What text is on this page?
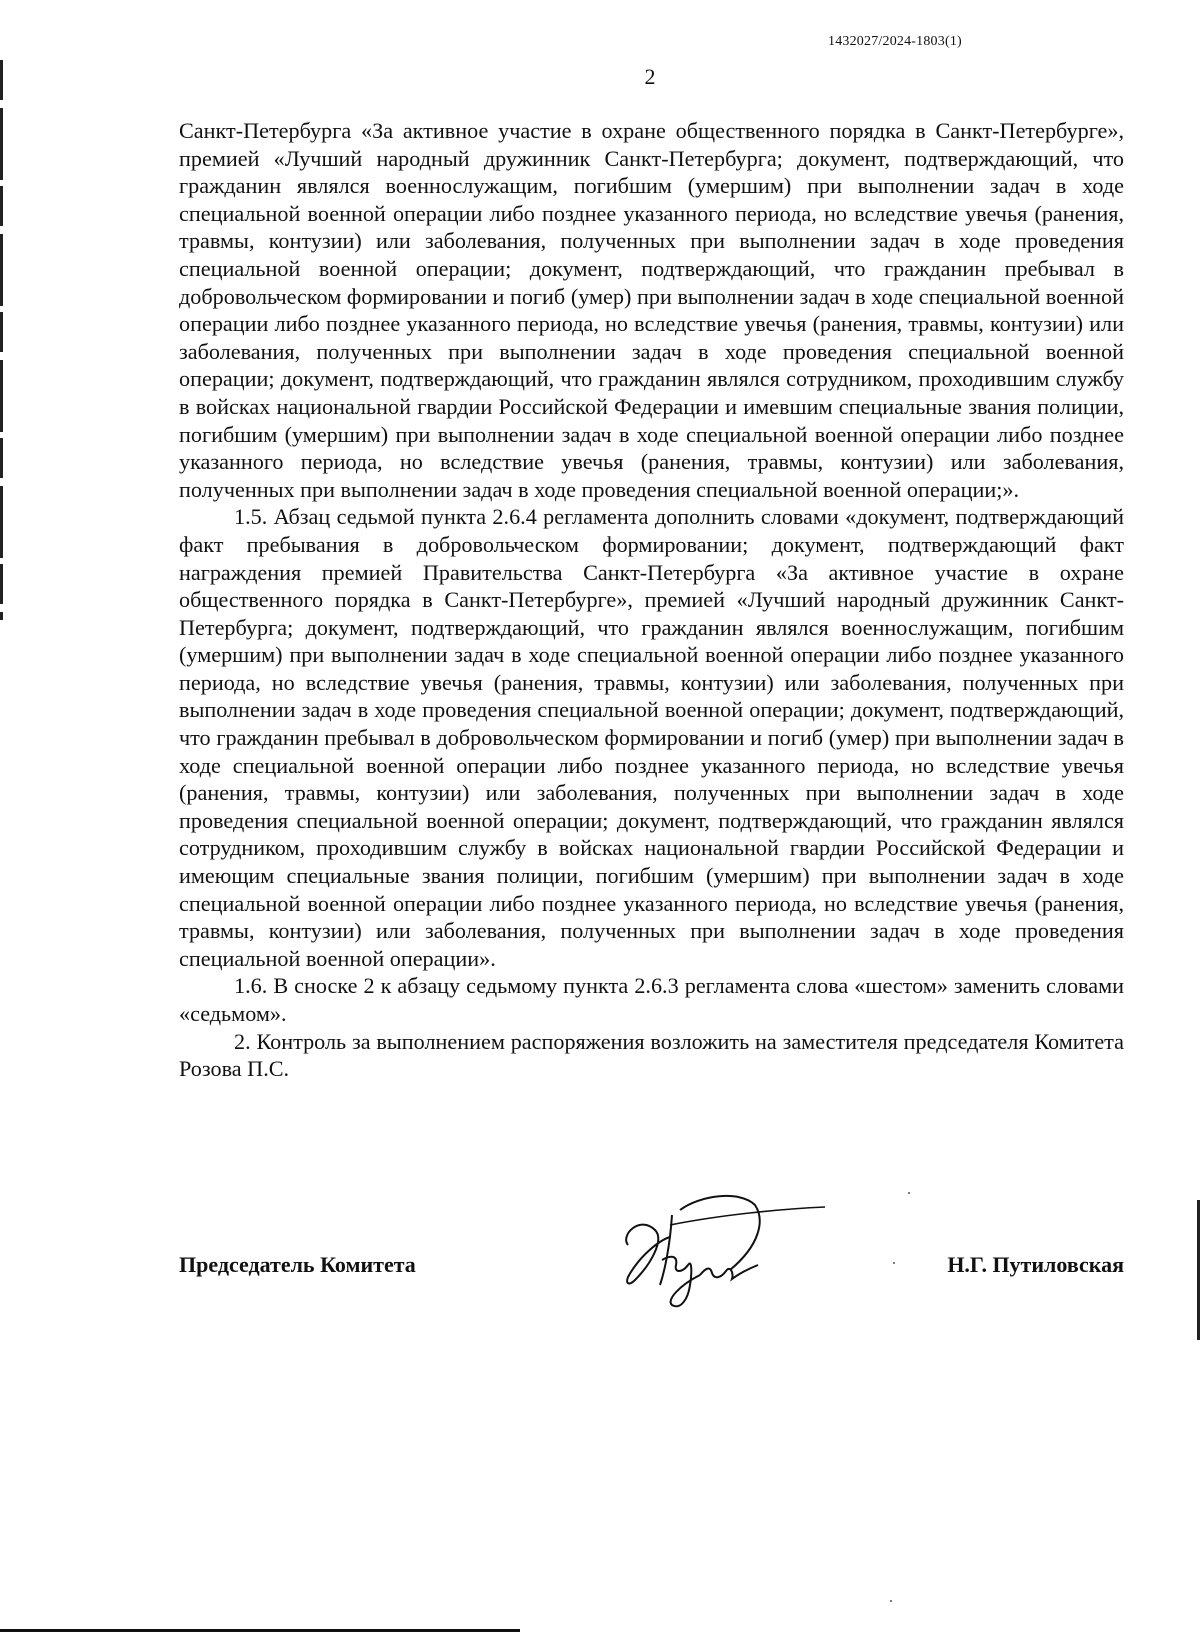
1432027/2024-1803(1)
2

Санкт-Петербурга «За активное участие в охране общественного порядка в Санкт-Петербурге», премией «Лучший народный дружинник Санкт-Петербурга; документ, подтверждающий, что гражданин являлся военнослужащим, погибшим (умершим) при выполнении задач в ходе специальной военной операции либо позднее указанного периода, но вследствие увечья (ранения, травмы, контузии) или заболевания, полученных при выполнении задач в ходе проведения специальной военной операции; документ, подтверждающий, что гражданин пребывал в добровольческом формировании и погиб (умер) при выполнении задач в ходе специальной военной операции либо позднее указанного периода, но вследствие увечья (ранения, травмы, контузии) или заболевания, полученных при выполнении задач в ходе проведения специальной военной операции; документ, подтверждающий, что гражданин являлся сотрудником, проходившим службу в войсках национальной гвардии Российской Федерации и имевшим специальные звания полиции, погибшим (умершим) при выполнении задач в ходе специальной военной операции либо позднее указанного периода, но вследствие увечья (ранения, травмы, контузии) или заболевания, полученных при выполнении задач в ходе проведения специальной военной операции;».

1.5. Абзац седьмой пункта 2.6.4 регламента дополнить словами «документ, подтверждающий факт пребывания в добровольческом формировании; документ, подтверждающий факт награждения премией Правительства Санкт-Петербурга «За активное участие в охране общественного порядка в Санкт-Петербурге», премией «Лучший народный дружинник Санкт-Петербурга; документ, подтверждающий, что гражданин являлся военнослужащим, погибшим (умершим) при выполнении задач в ходе специальной военной операции либо позднее указанного периода, но вследствие увечья (ранения, травмы, контузии) или заболевания, полученных при выполнении задач в ходе проведения специальной военной операции; документ, подтверждающий, что гражданин пребывал в добровольческом формировании и погиб (умер) при выполнении задач в ходе специальной военной операции либо позднее указанного периода, но вследствие увечья (ранения, травмы, контузии) или заболевания, полученных при выполнении задач в ходе проведения специальной военной операции; документ, подтверждающий, что гражданин являлся сотрудником, проходившим службу в войсках национальной гвардии Российской Федерации и имеющим специальные звания полиции, погибшим (умершим) при выполнении задач в ходе специальной военной операции либо позднее указанного периода, но вследствие увечья (ранения, травмы, контузии) или заболевания, полученных при выполнении задач в ходе проведения специальной военной операции».

1.6. В сноске 2 к абзацу седьмому пункта 2.6.3 регламента слова «шестом» заменить словами «седьмом».

2. Контроль за выполнением распоряжения возложить на заместителя председателя Комитета Розова П.С.

Председатель Комитета	Н.Г. Путиловская
